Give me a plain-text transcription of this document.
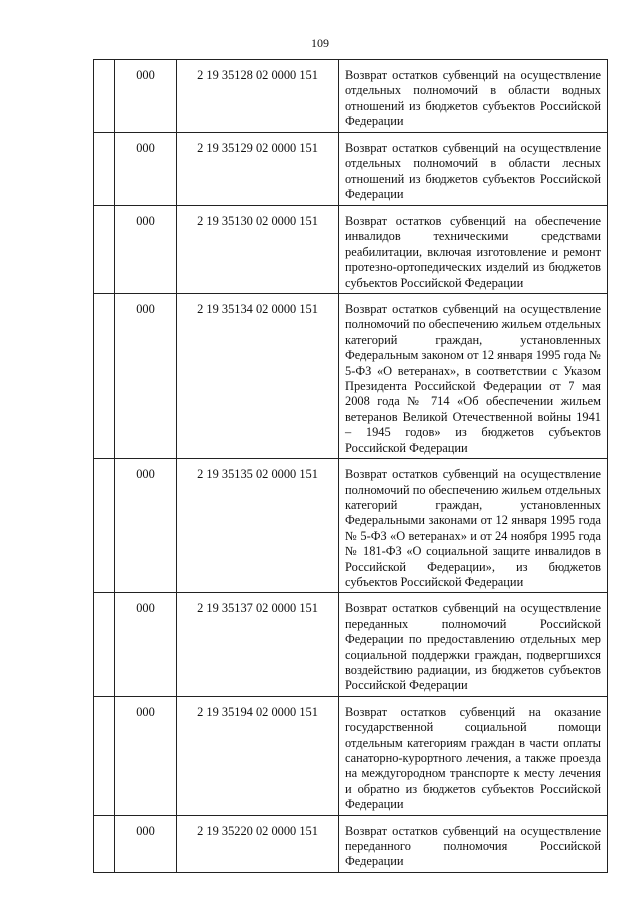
109
	000	2 19 35128 02 0000 151	Возврат остатков субвенций на осуществление отдельных полномочий в области водных отношений из бюджетов субъектов Российской Федерации

	000	2 19 35129 02 0000 151	Возврат остатков субвенций на осуществление отдельных полномочий в области лесных отношений из бюджетов субъектов Российской Федерации

	000	2 19 35130 02 0000 151	Возврат остатков субвенций на обеспечение инвалидов техническими средствами реабилитации, включая изготовление и ремонт протезно-ортопедических изделий из бюджетов субъектов Российской Федерации

	000	2 19 35134 02 0000 151	Возврат остатков субвенций на осуществление полномочий по обеспечению жильем отдельных категорий граждан, установленных Федеральным законом от 12 января 1995 года № 5-ФЗ «О ветеранах», в соответствии с Указом Президента Российской Федерации от 7 мая 2008 года № 714 «Об обеспечении жильем ветеранов Великой Отечественной войны 1941 – 1945 годов» из бюджетов субъектов Российской Федерации

	000	2 19 35135 02 0000 151	Возврат остатков субвенций на осуществление полномочий по обеспечению жильем отдельных категорий граждан, установленных Федеральными законами от 12 января 1995 года № 5-ФЗ «О ветеранах» и от 24 ноября 1995 года № 181-ФЗ «О социальной защите инвалидов в Российской Федерации», из бюджетов субъектов Российской Федерации

	000	2 19 35137 02 0000 151	Возврат остатков субвенций на осуществление переданных полномочий Российской Федерации по предоставлению отдельных мер социальной поддержки граждан, подвергшихся воздействию радиации, из бюджетов субъектов Российской Федерации

	000	2 19 35194 02 0000 151	Возврат остатков субвенций на оказание государственной социальной помощи отдельным категориям граждан в части оплаты санаторно-курортного лечения, а также проезда на междугородном транспорте к месту лечения и обратно из бюджетов субъектов Российской Федерации

	000	2 19 35220 02 0000 151	Возврат остатков субвенций на осуществление переданного полномочия Российской Федерации
